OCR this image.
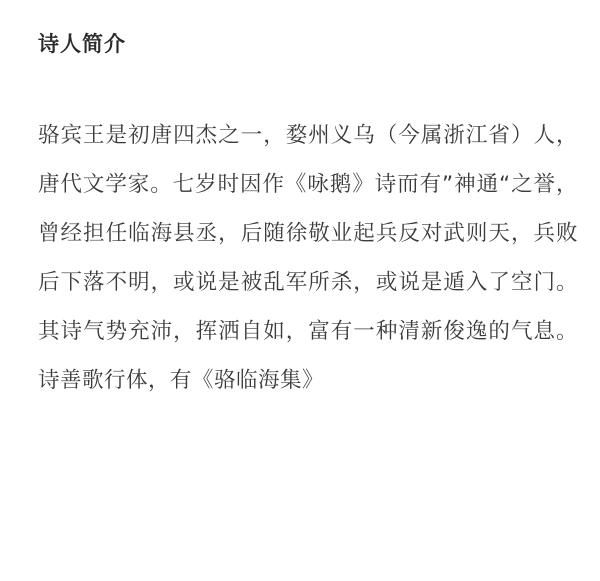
诗人简介

骆宾王是初唐四杰之一，婺州义乌（今属浙江省）人，唐代文学家。七岁时因作《咏鹅》诗而有”神通“之誉，曾经担任临海县丞，后随徐敬业起兵反对武则天，兵败后下落不明，或说是被乱军所杀，或说是遁入了空门。其诗气势充沛，挥洒自如，富有一种清新俊逸的气息。诗善歌行体，有《骆临海集》
